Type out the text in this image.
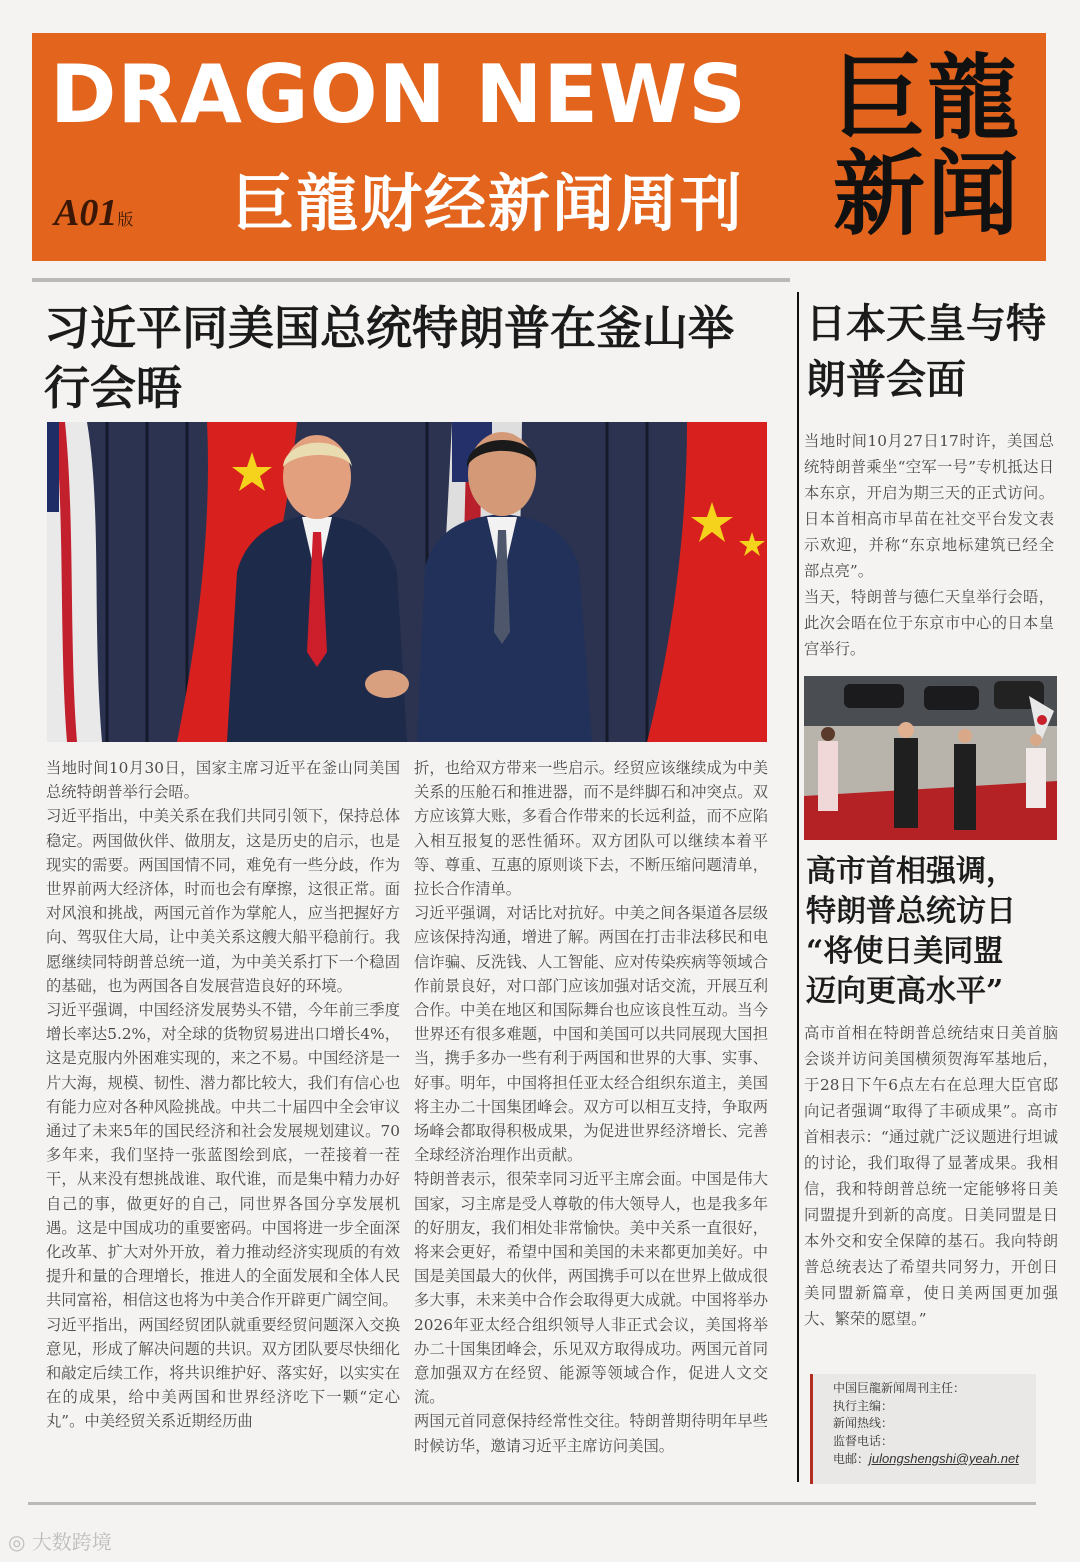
DRAGON NEWS
A01版 巨龍财经新闻周刊
巨龍
新闻
习近平同美国总统特朗普在釜山举行会晤

当地时间10月30日，国家主席习近平在釜山同美国总统特朗普举行会晤。

习近平指出，中美关系在我们共同引领下，保持总体稳定。两国做伙伴、做朋友，这是历史的启示，也是现实的需要。两国国情不同，难免有一些分歧，作为世界前两大经济体，时而也会有摩擦，这很正常。面对风浪和挑战，两国元首作为掌舵人，应当把握好方向、驾驭住大局，让中美关系这艘大船平稳前行。我愿继续同特朗普总统一道，为中美关系打下一个稳固的基础，也为两国各自发展营造良好的环境。

习近平强调，中国经济发展势头不错，今年前三季度增长率达5.2%，对全球的货物贸易进出口增长4%，这是克服内外困难实现的，来之不易。中国经济是一片大海，规模、韧性、潜力都比较大，我们有信心也有能力应对各种风险挑战。中共二十届四中全会审议通过了未来5年的国民经济和社会发展规划建议。70多年来，我们坚持一张蓝图绘到底，一茬接着一茬干，从来没有想挑战谁、取代谁，而是集中精力办好自己的事，做更好的自己，同世界各国分享发展机遇。这是中国成功的重要密码。中国将进一步全面深化改革、扩大对外开放，着力推动经济实现质的有效提升和量的合理增长，推进人的全面发展和全体人民共同富裕，相信这也将为中美合作开辟更广阔空间。

习近平指出，两国经贸团队就重要经贸问题深入交换意见，形成了解决问题的共识。双方团队要尽快细化和敲定后续工作，将共识维护好、落实好，以实实在在的成果，给中美两国和世界经济吃下一颗“定心丸”。中美经贸关系近期经历曲

折，也给双方带来一些启示。经贸应该继续成为中美关系的压舱石和推进器，而不是绊脚石和冲突点。双方应该算大账，多看合作带来的长远利益，而不应陷入相互报复的恶性循环。双方团队可以继续本着平等、尊重、互惠的原则谈下去，不断压缩问题清单，拉长合作清单。

习近平强调，对话比对抗好。中美之间各渠道各层级应该保持沟通，增进了解。两国在打击非法移民和电信诈骗、反洗钱、人工智能、应对传染疾病等领域合作前景良好，对口部门应该加强对话交流，开展互利合作。中美在地区和国际舞台也应该良性互动。当今世界还有很多难题，中国和美国可以共同展现大国担当，携手多办一些有利于两国和世界的大事、实事、好事。明年，中国将担任亚太经合组织东道主，美国将主办二十国集团峰会。双方可以相互支持，争取两场峰会都取得积极成果，为促进世界经济增长、完善全球经济治理作出贡献。

特朗普表示，很荣幸同习近平主席会面。中国是伟大国家，习主席是受人尊敬的伟大领导人，也是我多年的好朋友，我们相处非常愉快。美中关系一直很好，将来会更好，希望中国和美国的未来都更加美好。中国是美国最大的伙伴，两国携手可以在世界上做成很多大事，未来美中合作会取得更大成就。中国将举办2026年亚太经合组织领导人非正式会议，美国将举办二十国集团峰会，乐见双方取得成功。两国元首同意加强双方在经贸、能源等领域合作，促进人文交流。

两国元首同意保持经常性交往。特朗普期待明年早些时候访华，邀请习近平主席访问美国。

日本天皇与特朗普会面
当地时间10月27日17时许，美国总统特朗普乘坐“空军一号”专机抵达日本东京，开启为期三天的正式访问。日本首相高市早苗在社交平台发文表示欢迎，并称“东京地标建筑已经全部点亮”。
当天，特朗普与德仁天皇举行会晤，此次会晤在位于东京市中心的日本皇宫举行。
高市首相强调，
特朗普总统访日
“将使日美同盟
迈向更高水平”
高市首相在特朗普总统结束日美首脑会谈并访问美国横须贺海军基地后，于28日下午6点左右在总理大臣官邸向记者强调“取得了丰硕成果”。高市首相表示：“通过就广泛议题进行坦诚的讨论，我们取得了显著成果。我相信，我和特朗普总统一定能够将日美同盟提升到新的高度。日美同盟是日本外交和安全保障的基石。我向特朗普总统表达了希望共同努力，开创日美同盟新篇章，使日美两国更加强大、繁荣的愿望。”
中国巨龍新闻周刊主任：
执行主编：
新闻热线：
监督电话：
电邮：julongshengshi@yeah.net
◎ 大数跨境
